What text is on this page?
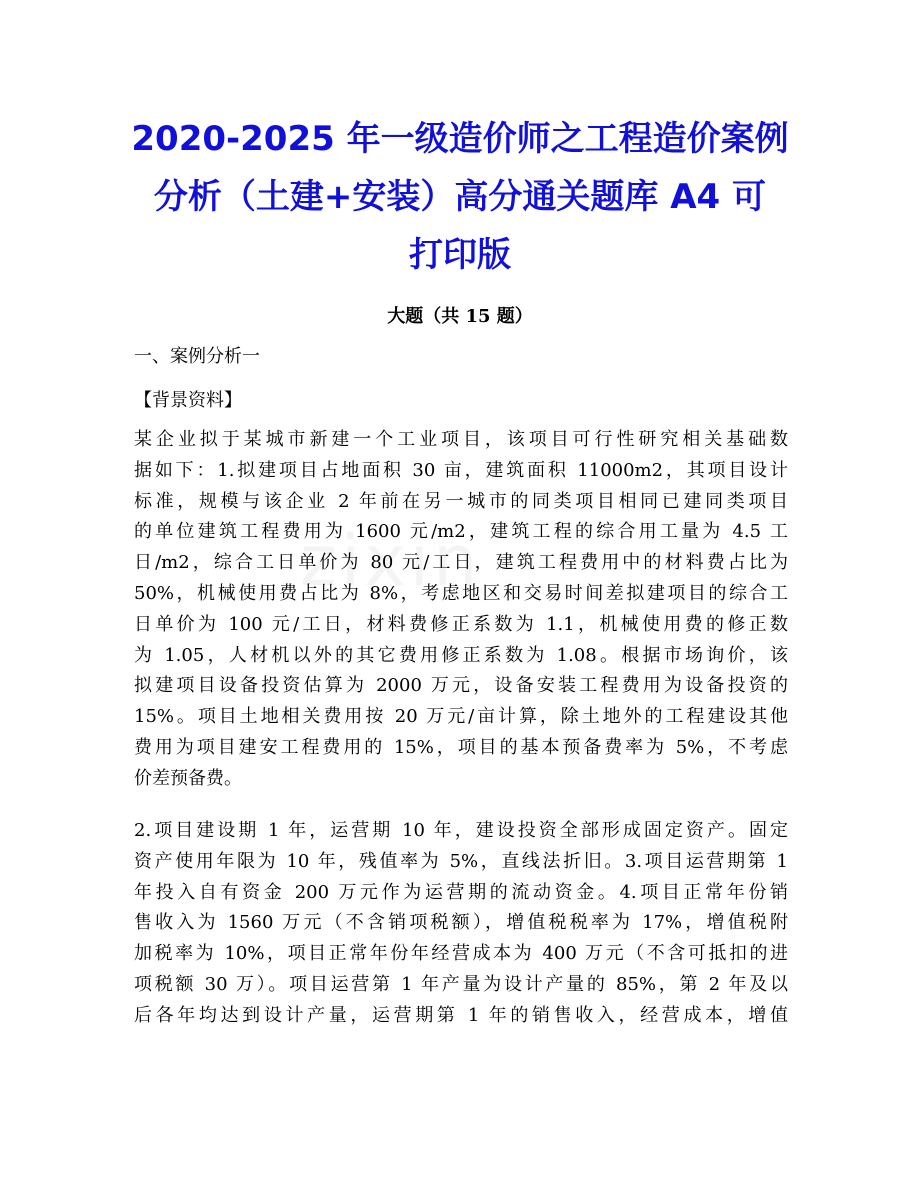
zixin
2020-2025 年一级造价师之工程造价案例
分析（土建+安装）高分通关题库 A4 可
打印版
大题（共 15 题）
一、案例分析一
【背景资料】
某企业拟于某城市新建一个工业项目，该项目可行性研究相关基础数
据如下：1.拟建项目占地面积 30 亩，建筑面积 11000m2，其项目设计
标准，规模与该企业 2 年前在另一城市的同类项目相同已建同类项目
的单位建筑工程费用为 1600 元/m2，建筑工程的综合用工量为 4.5 工
日/m2，综合工日单价为 80 元/工日，建筑工程费用中的材料费占比为
50%，机械使用费占比为 8%，考虑地区和交易时间差拟建项目的综合工
日单价为 100 元/工日，材料费修正系数为 1.1，机械使用费的修正数
为 1.05，人材机以外的其它费用修正系数为 1.08。根据市场询价，该
拟建项目设备投资估算为 2000 万元，设备安装工程费用为设备投资的
15%。项目土地相关费用按 20 万元/亩计算，除土地外的工程建设其他
费用为项目建安工程费用的 15%，项目的基本预备费率为 5%，不考虑
价差预备费。
2.项目建设期 1 年，运营期 10 年，建设投资全部形成固定资产。固定
资产使用年限为 10 年，残值率为 5%，直线法折旧。3.项目运营期第 1
年投入自有资金 200 万元作为运营期的流动资金。4.项目正常年份销
售收入为 1560 万元（不含销项税额），增值税税率为 17%，增值税附
加税率为 10%，项目正常年份年经营成本为 400 万元（不含可抵扣的进
项税额 30 万）。项目运营第 1 年产量为设计产量的 85%，第 2 年及以
后各年均达到设计产量，运营期第 1 年的销售收入，经营成本，增值
